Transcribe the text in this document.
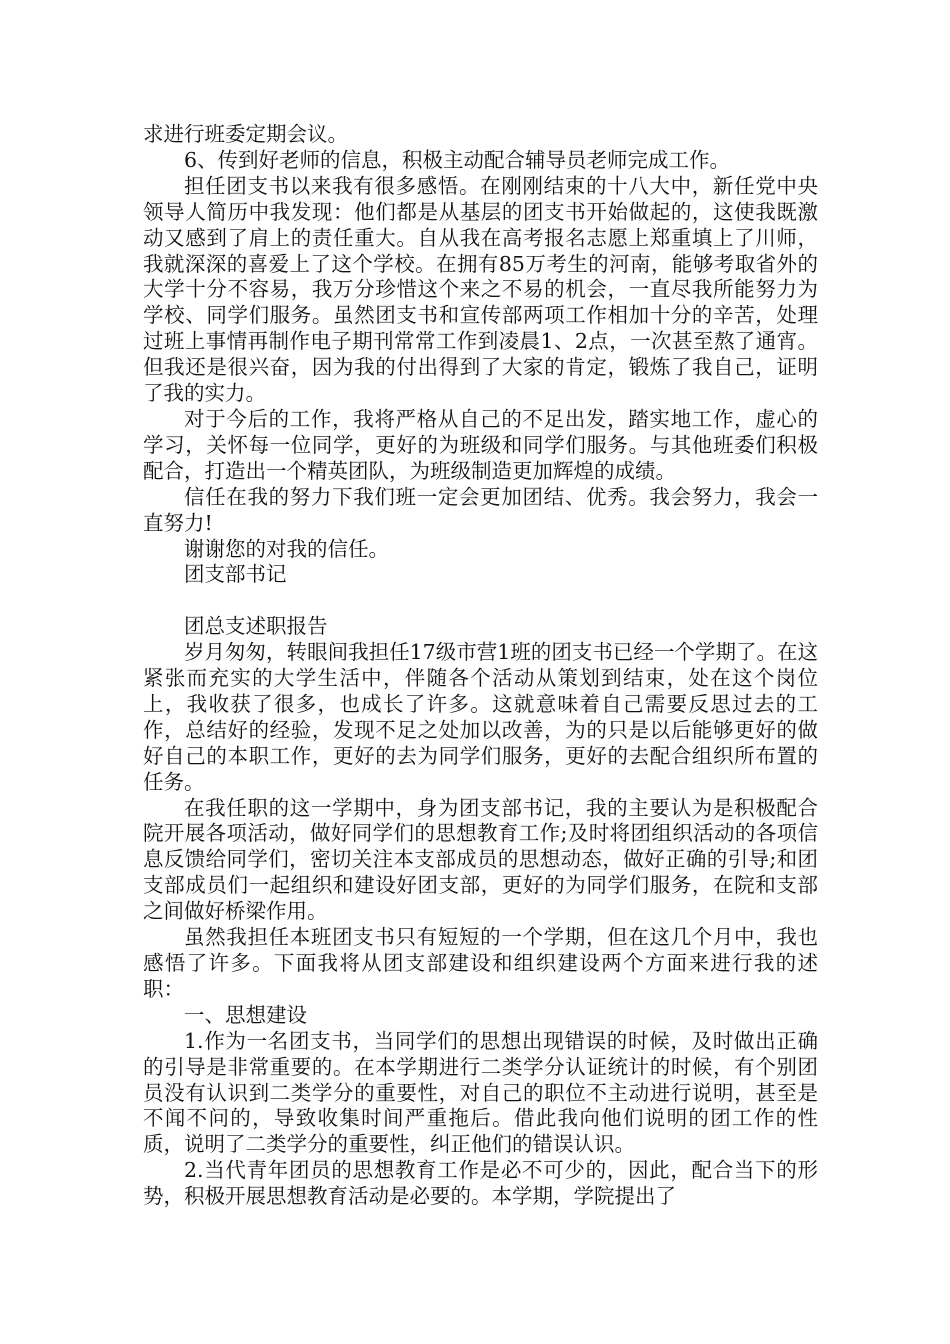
求进行班委定期会议。

6、传到好老师的信息，积极主动配合辅导员老师完成工作。

担任团支书以来我有很多感悟。在刚刚结束的十八大中，新任党中央领导人简历中我发现：他们都是从基层的团支书开始做起的，这使我既激动又感到了肩上的责任重大。自从我在高考报名志愿上郑重填上了川师，我就深深的喜爱上了这个学校。在拥有85万考生的河南，能够考取省外的大学十分不容易，我万分珍惜这个来之不易的机会，一直尽我所能努力为学校、同学们服务。虽然团支书和宣传部两项工作相加十分的辛苦，处理过班上事情再制作电子期刊常常工作到凌晨1、2点，一次甚至熬了通宵。但我还是很兴奋，因为我的付出得到了大家的肯定，锻炼了我自己，证明了我的实力。

对于今后的工作，我将严格从自己的不足出发，踏实地工作，虚心的学习，关怀每一位同学，更好的为班级和同学们服务。与其他班委们积极配合，打造出一个精英团队，为班级制造更加辉煌的成绩。

信任在我的努力下我们班一定会更加团结、优秀。我会努力，我会一直努力!

谢谢您的对我的信任。

团支部书记

团总支述职报告

岁月匆匆，转眼间我担任17级市营1班的团支书已经一个学期了。在这紧张而充实的大学生活中，伴随各个活动从策划到结束，处在这个岗位上，我收获了很多，也成长了许多。这就意味着自己需要反思过去的工作，总结好的经验，发现不足之处加以改善，为的只是以后能够更好的做好自己的本职工作，更好的去为同学们服务，更好的去配合组织所布置的任务。

在我任职的这一学期中，身为团支部书记，我的主要认为是积极配合院开展各项活动，做好同学们的思想教育工作;及时将团组织活动的各项信息反馈给同学们，密切关注本支部成员的思想动态，做好正确的引导;和团支部成员们一起组织和建设好团支部，更好的为同学们服务，在院和支部之间做好桥梁作用。

虽然我担任本班团支书只有短短的一个学期，但在这几个月中，我也感悟了许多。下面我将从团支部建设和组织建设两个方面来进行我的述职：

一、思想建设

1.作为一名团支书，当同学们的思想出现错误的时候，及时做出正确的引导是非常重要的。在本学期进行二类学分认证统计的时候，有个别团员没有认识到二类学分的重要性，对自己的职位不主动进行说明，甚至是不闻不问的，导致收集时间严重拖后。借此我向他们说明的团工作的性质，说明了二类学分的重要性，纠正他们的错误认识。

2.当代青年团员的思想教育工作是必不可少的，因此，配合当下的形势，积极开展思想教育活动是必要的。本学期，学院提出了
